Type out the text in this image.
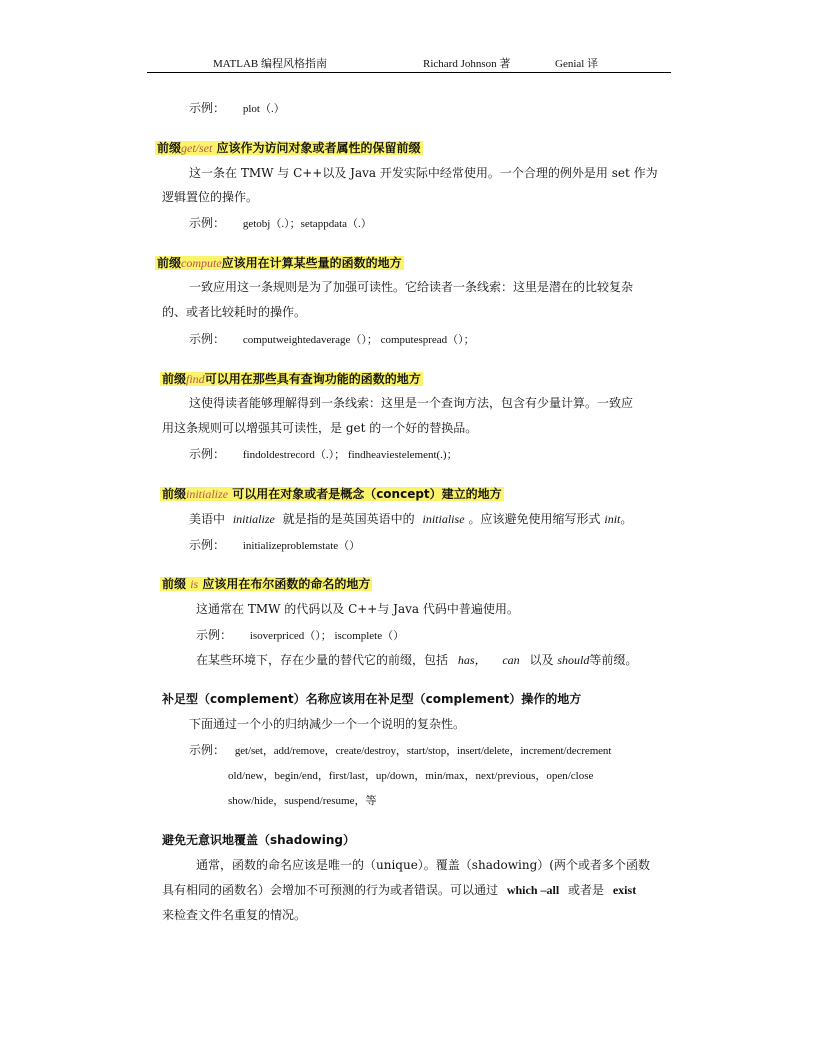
MATLAB 编程风格指南	Richard Johnson 著	Genial 译
示例： plot（.）
前缀get/set 应该作为访问对象或者属性的保留前缀
这一条在 TMW 与 C++以及 Java 开发实际中经常使用。一个合理的例外是用 set 作为
逻辑置位的操作。
示例： getobj（.）；setappdata（.）
前缀compute应该用在计算某些量的函数的地方
一致应用这一条规则是为了加强可读性。它给读者一条线索：这里是潜在的比较复杂
的、或者比较耗时的操作。
示例： computweightedaverage（）； computespread（）；
前缀find可以用在那些具有查询功能的函数的地方
这使得读者能够理解得到一条线索：这里是一个查询方法，包含有少量计算。一致应
用这条规则可以增强其可读性，是 get 的一个好的替换品。
示例： findoldestrecord（.）； findheaviestelement(.)；
前缀initialize 可以用在对象或者是概念（concept）建立的地方
美语中 initialize 就是指的是英国英语中的 initialise 。应该避免使用缩写形式 init。
示例： initializeproblemstate（）
前缀 is 应该用在布尔函数的命名的地方
这通常在 TMW 的代码以及 C++与 Java 代码中普遍使用。
示例： isoverpriced（）； iscomplete（）
在某些环境下，存在少量的替代它的前缀，包括 has， can 以及 should等前缀。
补足型（complement）名称应该用在补足型（complement）操作的地方
下面通过一个小的归纳减少一个一个说明的复杂性。
示例： get/set，add/remove，create/destroy，start/stop，insert/delete，increment/decrement
old/new，begin/end，first/last，up/down，min/max，next/previous，open/close
show/hide，suspend/resume，等
避免无意识地覆盖（shadowing）
通常，函数的命名应该是唯一的（unique）。覆盖（shadowing）(两个或者多个函数
具有相同的函数名）会增加不可预测的行为或者错误。可以通过 which –all 或者是 exist
来检查文件名重复的情况。
